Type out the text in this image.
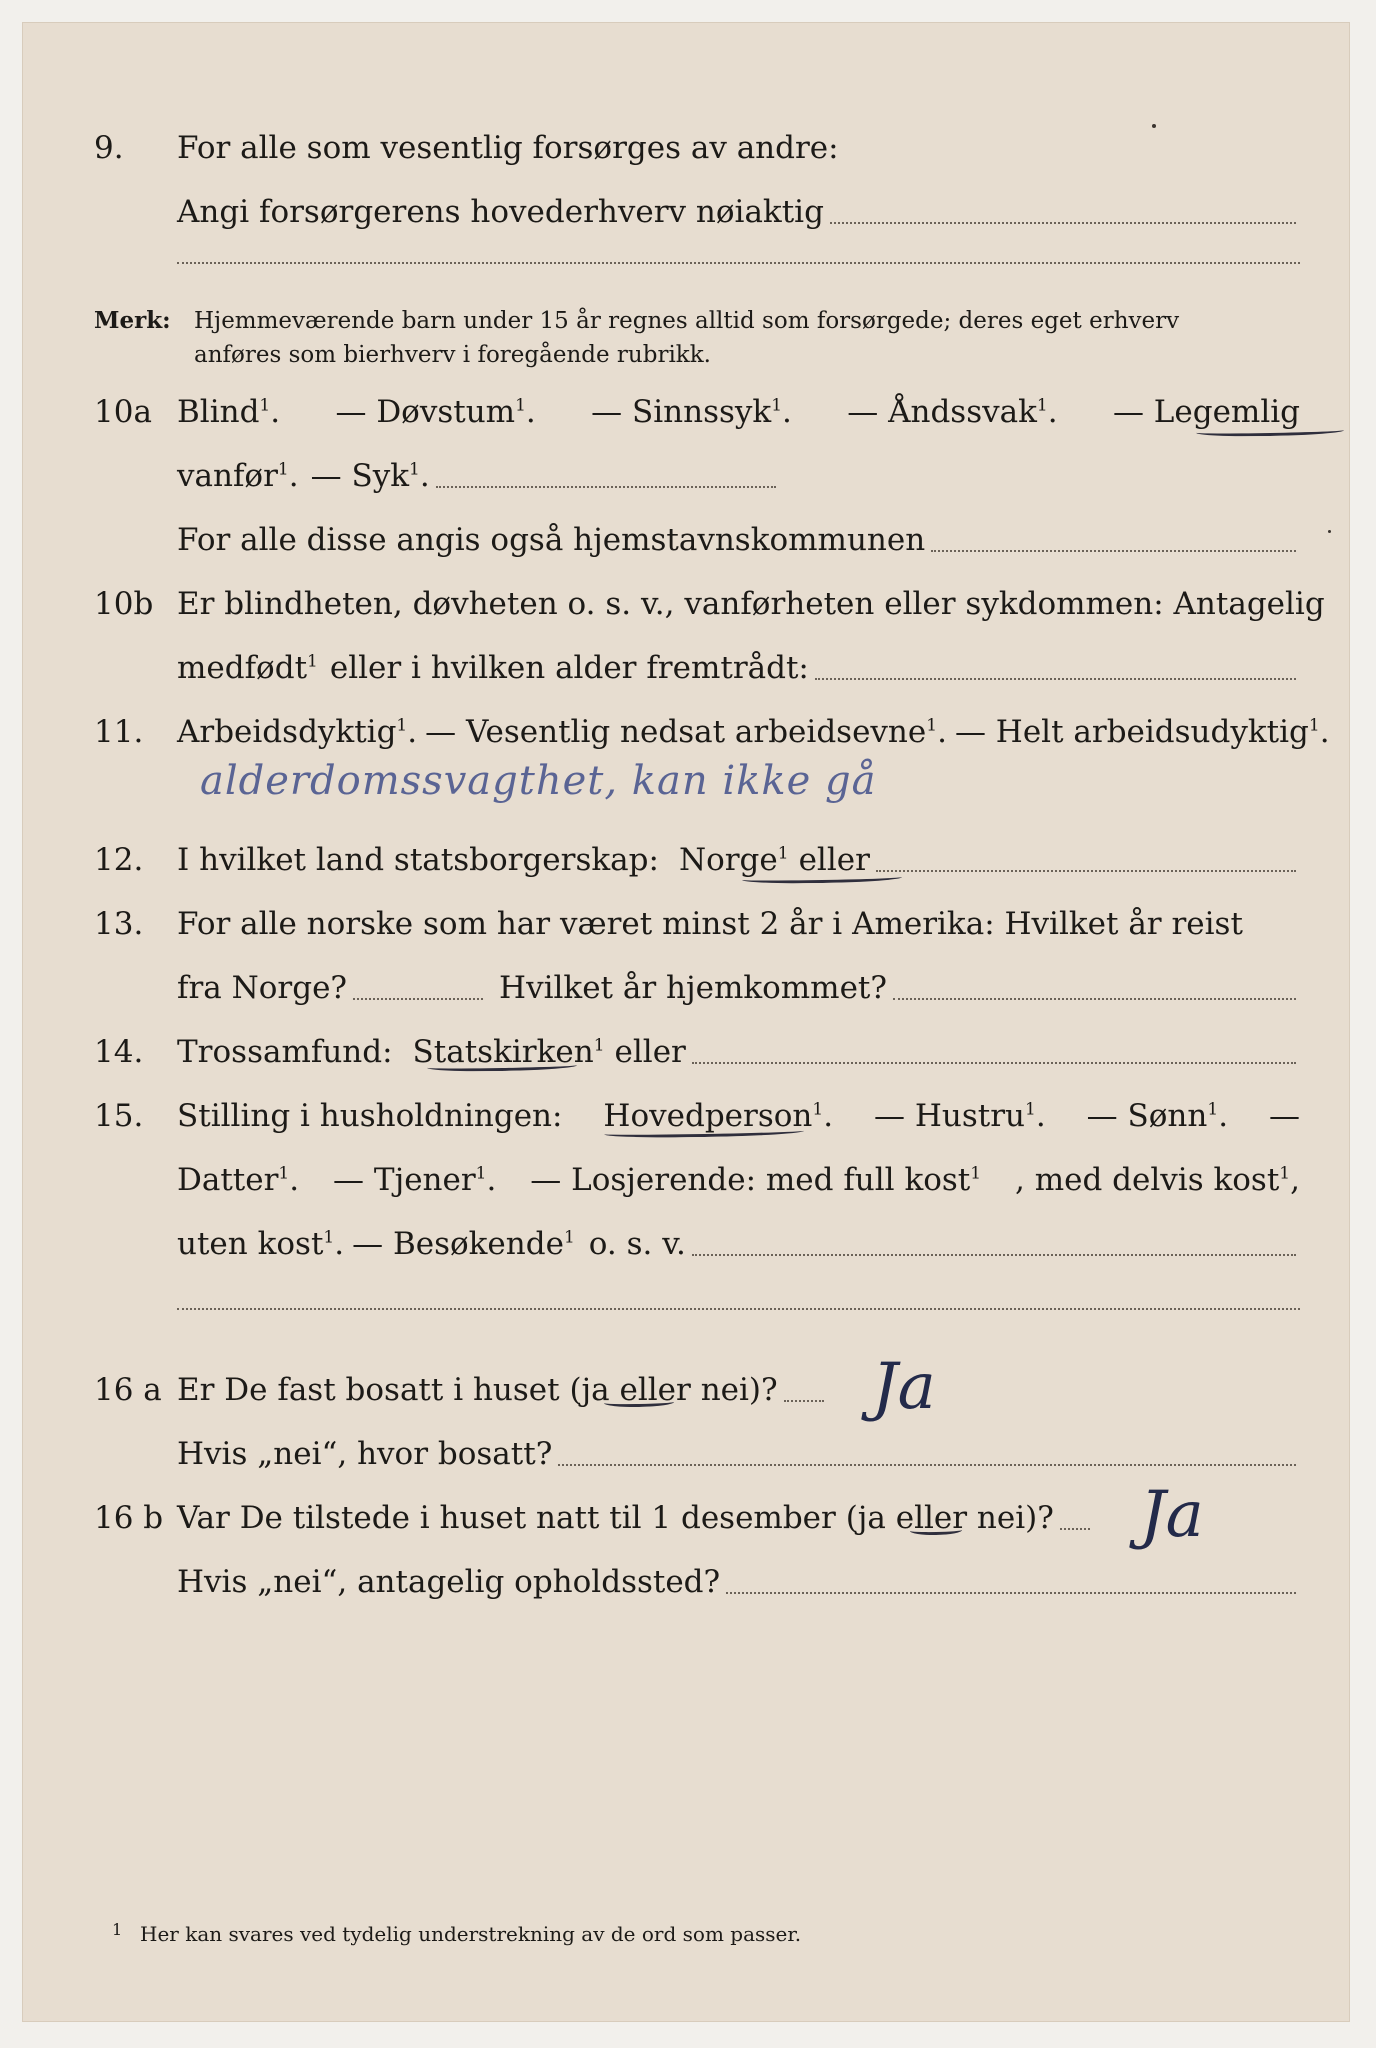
9. For alle som vesentlig forsørges av andre:
Angi forsørgerens hovederhverv nøiaktig
Merk: Hjemmeværende barn under 15 år regnes alltid som forsørgede; deres eget erhverv
anføres som bierhverv i foregående rubrikk.
10a Blind$^1$. — Døvstum$^1$. — Sinnssyk$^1$. — Åndssvak$^1$. — Legemlig
vanfør$^1$. — Syk$^1$.
For alle disse angis også hjemstavnskommunen
10b Er blindheten, døvheten o. s. v., vanførheten eller sykdommen: Antagelig
medfødt$^1$ eller i hvilken alder fremtrådt:
11. Arbeidsdyktig$^1$. — Vesentlig nedsat arbeidsevne$^1$. — Helt arbeidsudyktig$^1$.
alderdomssvagthet, kan ikke gå
12. I hvilket land statsborgerskap: Norge$^1$ eller
13. For alle norske som har været minst 2 år i Amerika: Hvilket år reist
fra Norge?	Hvilket år hjemkommet?
14. Trossamfund: Statskirken$^1$ eller
15. Stilling i husholdningen: Hovedperson$^1$. — Hustru$^1$. — Sønn$^1$. —
Datter$^1$. — Tjener$^1$. — Losjerende: med full kost$^1$ , med delvis kost$^1$,
uten kost$^1$. — Besøkende$^1$ o. s. v.
16 a Er De fast bosatt i huset (ja eller nei)? Ja
Hvis „nei“, hvor bosatt?
16 b Var De tilstede i huset natt til 1 desember (ja eller nei)? Ja
Hvis „nei“, antagelig opholdssted?
1 Her kan svares ved tydelig understrekning av de ord som passer.
